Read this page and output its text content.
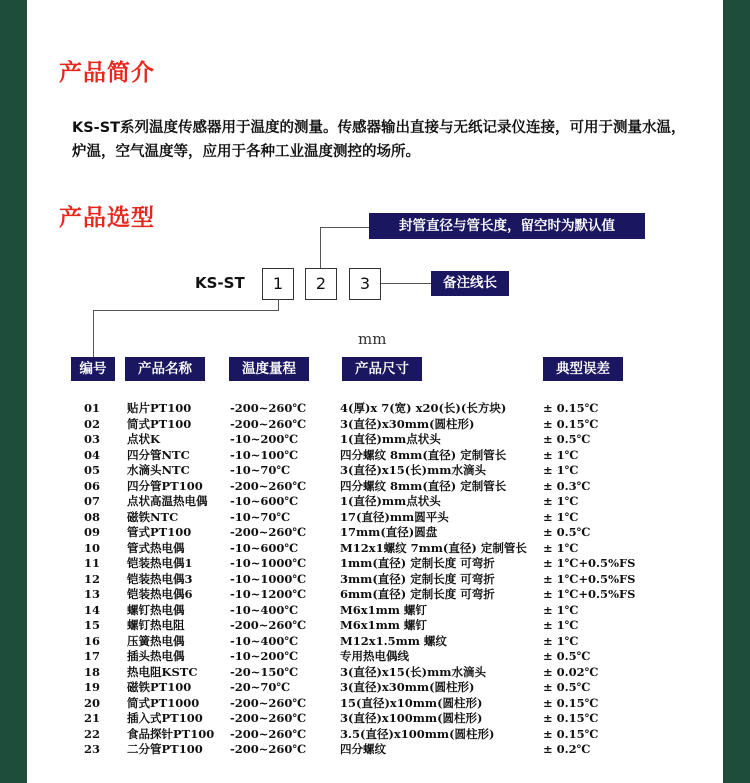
产品简介
KS-ST系列温度传感器用于温度的测量。传感器输出直接与无纸记录仪连接，可用于测量水温，炉温，空气温度等，应用于各种工业温度测控的场所。
产品选型
KS-ST	1	2	3
封管直径与管长度，留空时为默认值
备注线长
mm
编号	产品名称	温度量程	产品尺寸	典型误差
01 贴片PT100	-200~260℃	4(厚)x 7(宽) x20(长)(长方块)	± 0.15℃
02 简式PT100	-200~260℃	3(直径)x30mm(圆柱形)	± 0.15℃
03 点状K	-10~200℃	1(直径)mm点状头	± 0.5℃
04 四分管NTC	-10~100℃	四分螺纹 8mm(直径) 定制管长	± 1℃
05 水滴头NTC	-10~70℃	3(直径)x15(长)mm水滴头	± 1℃
06 四分管PT100 -200~260℃	四分螺纹 8mm(直径) 定制管长	± 0.3℃
07 点状高温热电偶 -10~600℃	1(直径)mm点状头	± 1℃
08 磁铁NTC	-10~70℃	17(直径)mm圆平头	± 1℃
09 管式PT100	-200~260℃	17mm(直径)圆盘	± 0.5℃
10 管式热电偶	-10~600℃	M12x1螺纹 7mm(直径) 定制管长 ± 1℃
11 铠装热电偶1	-10~1000℃	1mm(直径) 定制长度 可弯折	± 1℃+0.5%FS
12 铠装热电偶3	-10~1000℃	3mm(直径) 定制长度 可弯折	± 1℃+0.5%FS
13 铠装热电偶6	-10~1200℃	6mm(直径) 定制长度 可弯折	± 1℃+0.5%FS
14 螺钉热电偶	-10~400℃	M6x1mm 螺钉	± 1℃
15 螺钉热电阻	-200~260℃	M6x1mm 螺钉	± 1℃
16 压簧热电偶	-10~400℃	M12x1.5mm 螺纹	± 1℃
17 插头热电偶	-10~200℃	专用热电偶线	± 0.5℃
18 热电阻KSTC	-20~150℃	3(直径)x15(长)mm水滴头	± 0.02℃
19 磁铁PT100	-20~70℃	3(直径)x30mm(圆柱形)	± 0.5℃
20 简式PT1000	-200~260℃	15(直径)x10mm(圆柱形)	± 0.15℃
21 插入式PT100 -200~260℃	3(直径)x100mm(圆柱形)	± 0.15℃
22 食品探针PT100 -200~260℃	3.5(直径)x100mm(圆柱形)	± 0.15℃
23 二分管PT100 -200~260℃	四分螺纹	± 0.2℃
